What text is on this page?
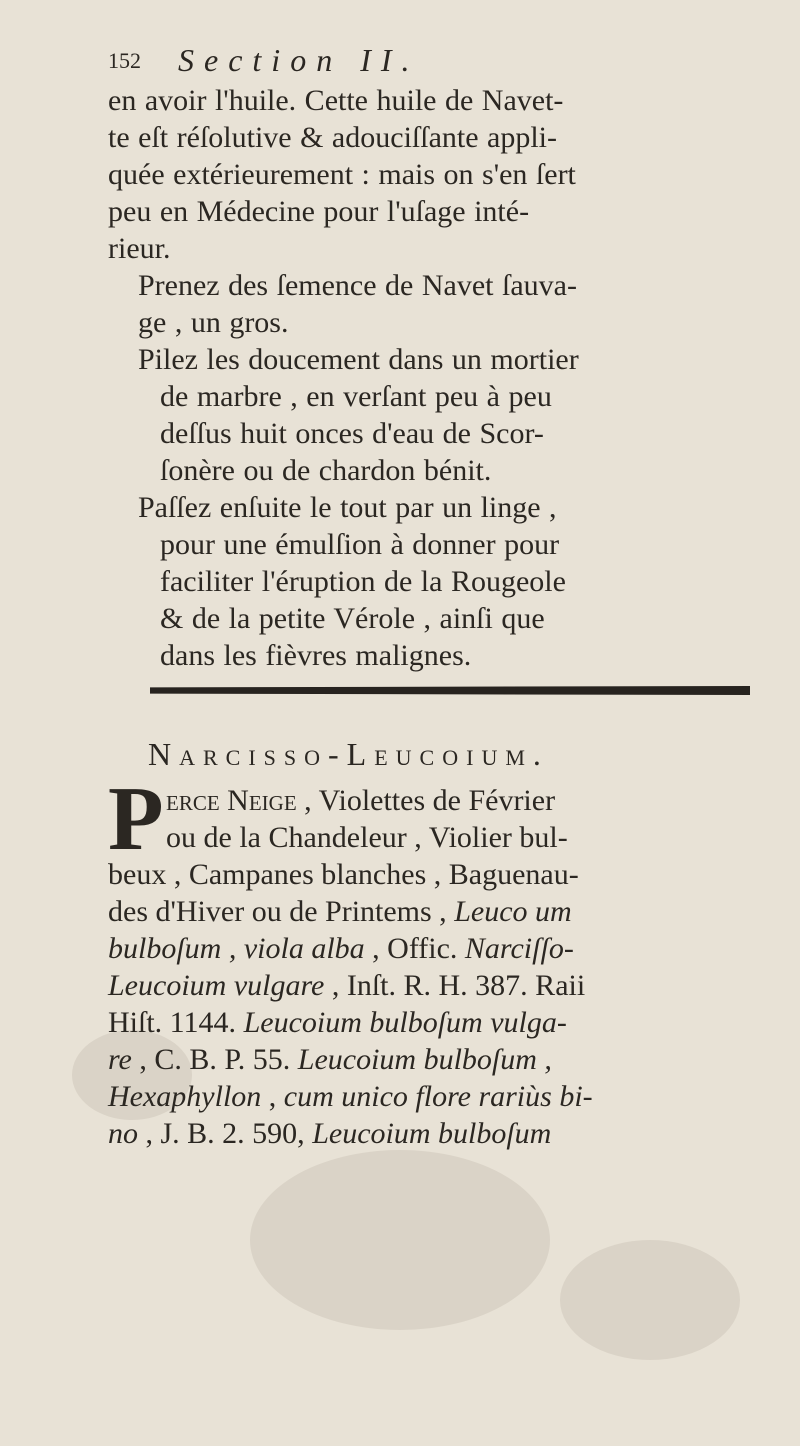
152 Section II.
en avoir l'huile. Cette huile de Navet-
te eſt réſolutive & adouciſſante appli-
quée extérieurement : mais on s'en ſert
peu en Médecine pour l'uſage inté-
rieur.
Prenez des ſemence de Navet ſauva-
ge , un gros.
Pilez les doucement dans un mortier
de marbre , en verſant peu à peu
deſſus huit onces d'eau de Scor-
ſonère ou de chardon bénit.
Paſſez enſuite le tout par un linge ,
pour une émulſion à donner pour
faciliter l'éruption de la Rougeole
& de la petite Vérole , ainſi que
dans les fièvres malignes.
Narcisso-Leucoium.
P erce Neige , Violettes de Février
ou de la Chandeleur , Violier bul-
beux , Campanes blanches , Baguenau-
des d'Hiver ou de Printems , Leuco um
bulboſum , viola alba , Offic. Narciſſo-
Leucoium vulgare , Inſt. R. H. 387. Raii
Hiſt. 1144. Leucoium bulboſum vulga-
re , C. B. P. 55. Leucoium bulboſum ,
Hexaphyllon , cum unico flore rariùs bi-
no , J. B. 2. 590, Leucoium bulboſum
